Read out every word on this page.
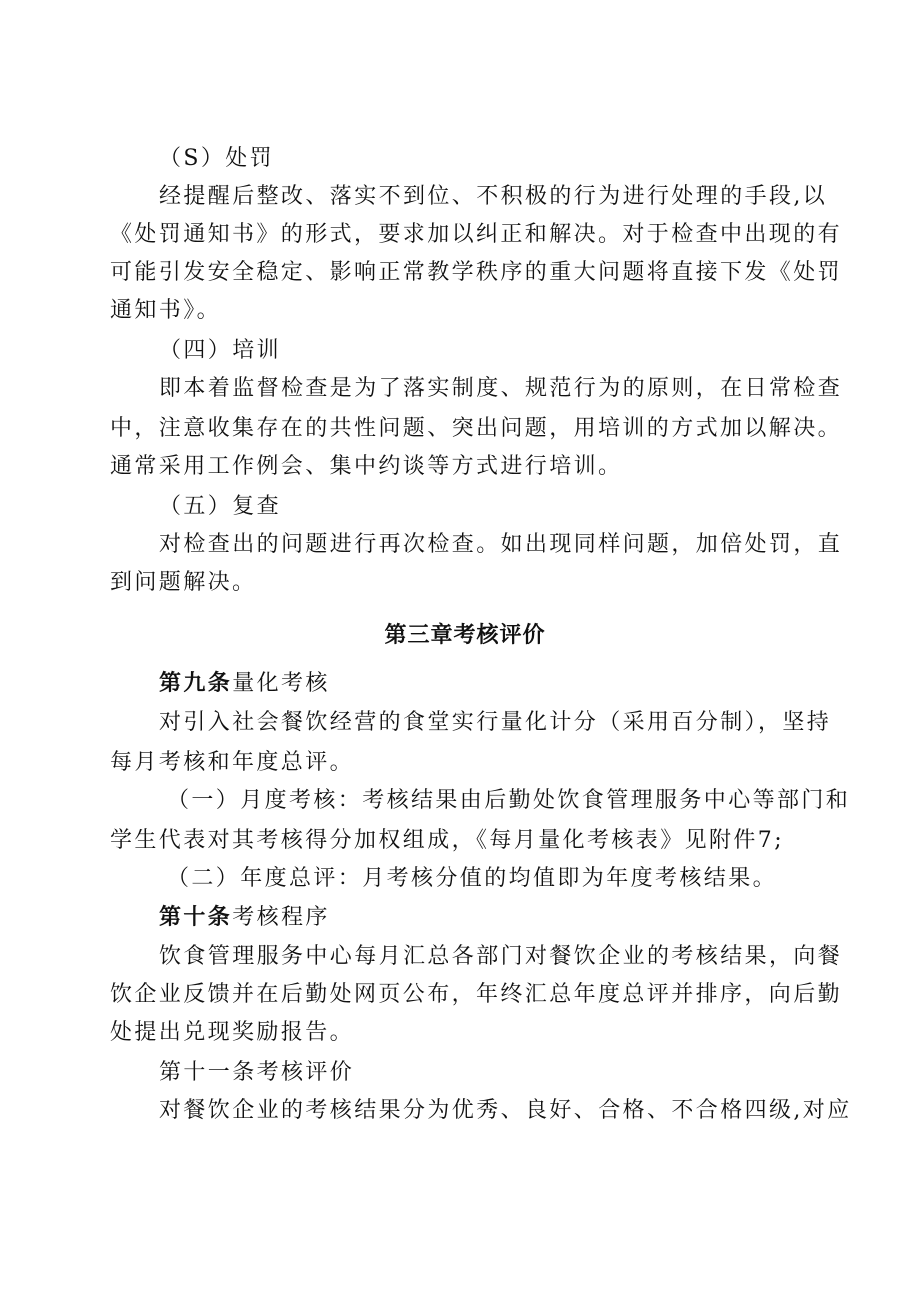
（S）处罚
经提醒后整改、落实不到位、不积极的行为进行处理的手段,以
《处罚通知书》的形式，要求加以纠正和解决。对于检查中出现的有
可能引发安全稳定、影响正常教学秩序的重大问题将直接下发《处罚
通知书》。
（四）培训
即本着监督检查是为了落实制度、规范行为的原则，在日常检查
中，注意收集存在的共性问题、突出问题，用培训的方式加以解决。
通常采用工作例会、集中约谈等方式进行培训。
（五）复查
对检查出的问题进行再次检查。如出现同样问题，加倍处罚，直
到问题解决。
第三章考核评价
第九条量化考核
对引入社会餐饮经营的食堂实行量化计分（采用百分制），坚持
每月考核和年度总评。
（一）月度考核：考核结果由后勤处饮食管理服务中心等部门和
学生代表对其考核得分加权组成，《每月量化考核表》见附件7;
（二）年度总评：月考核分值的均值即为年度考核结果。
第十条考核程序
饮食管理服务中心每月汇总各部门对餐饮企业的考核结果，向餐
饮企业反馈并在后勤处网页公布，年终汇总年度总评并排序，向后勤
处提出兑现奖励报告。
第十一条考核评价
对餐饮企业的考核结果分为优秀、良好、合格、不合格四级,对应
